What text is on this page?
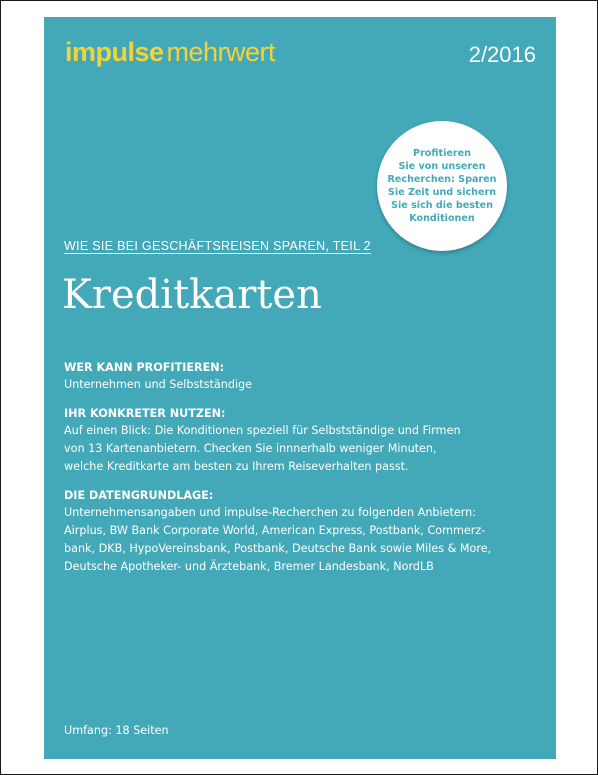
impulse mehrwert	2/2016
Profitieren
Sie von unseren
Recherchen: Sparen
Sie Zeit und sichern
Sie sich die besten
Konditionen
WIE SIE BEI GESCHÄFTSREISEN SPAREN, TEIL 2
Kreditkarten
WER KANN PROFITIEREN:
Unternehmen und Selbstständige
IHR KONKRETER NUTZEN:
Auf einen Blick: Die Konditionen speziell für Selbstständige und Firmen
von 13 Kartenanbietern. Checken Sie innnerhalb weniger Minuten,
welche Kreditkarte am besten zu Ihrem Reiseverhalten passt.
DIE DATENGRUNDLAGE:
Unternehmensangaben und impulse-Recherchen zu folgenden Anbietern:
Airplus, BW Bank Corporate World, American Express, Postbank, Commerz-
bank, DKB, HypoVereinsbank, Postbank, Deutsche Bank sowie Miles & More,
Deutsche Apotheker- und Ärztebank, Bremer Landesbank, NordLB
Umfang: 18 Seiten
